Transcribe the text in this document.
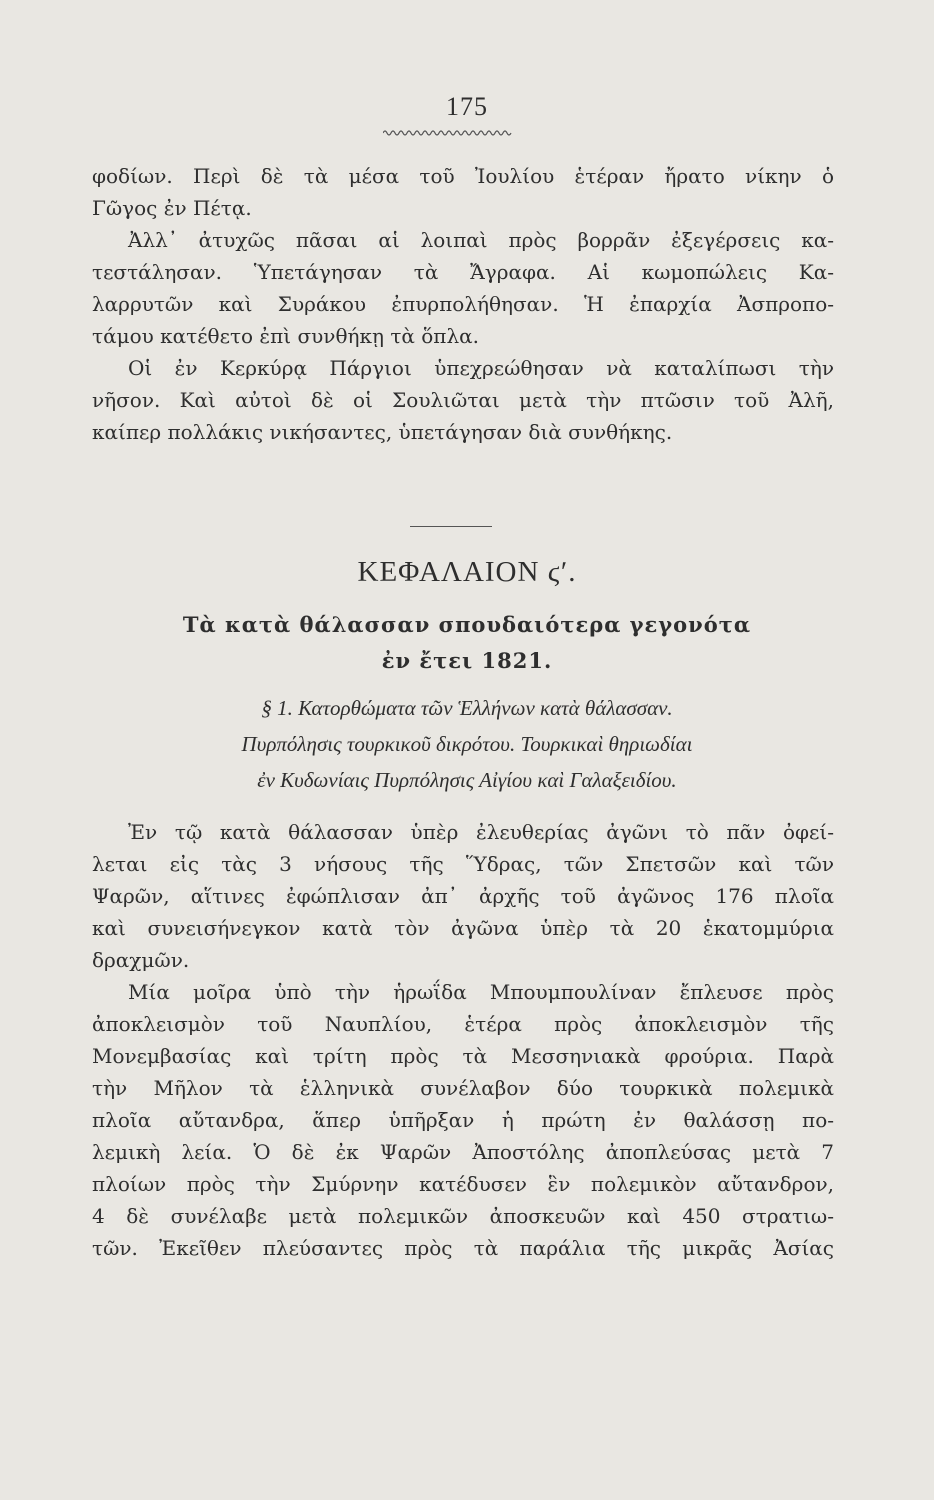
175
φοδίων. Περὶ δὲ τὰ μέσα τοῦ Ἰουλίου ἑτέραν ἤρατο νίκην ὁ
Γῶγος ἐν Πέτᾳ.
Ἀλλ᾽ ἀτυχῶς πᾶσαι αἱ λοιπαὶ πρὸς βορρᾶν ἐξεγέρσεις κα-
τεστάλησαν. Ὑπετάγησαν τὰ Ἄγραφα. Αἱ κωμοπώλεις Κα-
λαρρυτῶν καὶ Συράκου ἐπυρπολήθησαν. Ἡ ἐπαρχία Ἀσπροπο-
τάμου κατέθετο ἐπὶ συνθήκῃ τὰ ὅπλα.
Οἱ ἐν Κερκύρᾳ Πάργιοι ὑπεχρεώθησαν νὰ καταλίπωσι τὴν
νῆσον. Καὶ αὐτοὶ δὲ οἱ Σουλιῶται μετὰ τὴν πτῶσιν τοῦ Ἀλῆ,
καίπερ πολλάκις νικήσαντες, ὑπετάγησαν διὰ συνθήκης.
ΚΕΦΑΛΑΙΟΝ ϛʹ.
Τὰ κατὰ θάλασσαν σπουδαιότερα γεγονότα
ἐν ἔτει 1821.
§ 1. Κατορθώματα τῶν Ἑλλήνων κατὰ θάλασσαν.
Πυρπόλησις τουρκικοῦ δικρότου. Τουρκικαὶ θηριωδίαι
ἐν Κυδωνίαις Πυρπόλησις Αἰγίου καὶ Γαλαξειδίου.
Ἐν τῷ κατὰ θάλασσαν ὑπὲρ ἐλευθερίας ἀγῶνι τὸ πᾶν ὀφεί-
λεται εἰς τὰς 3 νήσους τῆς Ὕδρας, τῶν Σπετσῶν καὶ τῶν
Ψαρῶν, αἵτινες ἐφώπλισαν ἀπ᾽ ἀρχῆς τοῦ ἀγῶνος 176 πλοῖα
καὶ συνεισήνεγκον κατὰ τὸν ἀγῶνα ὑπὲρ τὰ 20 ἑκατομμύρια
δραχμῶν.
Μία μοῖρα ὑπὸ τὴν ἡρωΐδα Μπουμπουλίναν ἔπλευσε πρὸς
ἀποκλεισμὸν τοῦ Ναυπλίου, ἑτέρα πρὸς ἀποκλεισμὸν τῆς
Μονεμβασίας καὶ τρίτη πρὸς τὰ Μεσσηνιακὰ φρούρια. Παρὰ
τὴν Μῆλον τὰ ἑλληνικὰ συνέλαβον δύο τουρκικὰ πολεμικὰ
πλοῖα αὔτανδρα, ἅπερ ὑπῆρξαν ἡ πρώτη ἐν θαλάσσῃ πο-
λεμικὴ λεία. Ὁ δὲ ἐκ Ψαρῶν Ἀποστόλης ἀποπλεύσας μετὰ 7
πλοίων πρὸς τὴν Σμύρνην κατέδυσεν ἓν πολεμικὸν αὔτανδρον,
4 δὲ συνέλαβε μετὰ πολεμικῶν ἀποσκευῶν καὶ 450 στρατιω-
τῶν. Ἐκεῖθεν πλεύσαντες πρὸς τὰ παράλια τῆς μικρᾶς Ἀσίας
